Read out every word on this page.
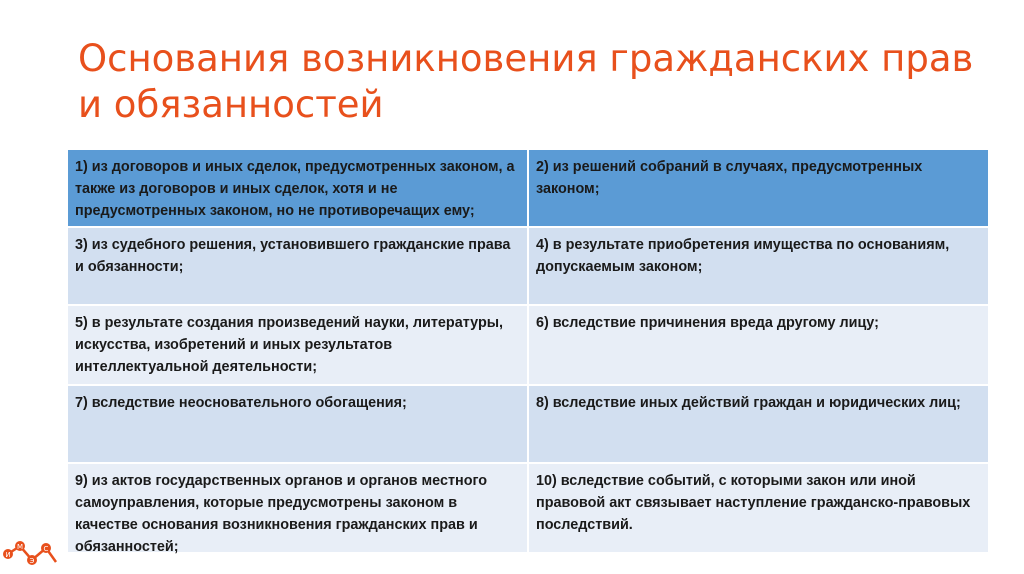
Основания возникновения гражданских прав и обязанностей
1) из договоров и иных сделок, предусмотренных законом, а также из договоров и иных сделок, хотя и не предусмотренных законом, но не противоречащих ему;
2) из решений собраний в случаях, предусмотренных законом;
3) из судебного решения, установившего гражданские права и обязанности;
4) в результате приобретения имущества по основаниям, допускаемым законом;
5) в результате создания произведений науки, литературы, искусства, изобретений и иных результатов интеллектуальной деятельности;
6) вследствие причинения вреда другому лицу;
7) вследствие неосновательного обогащения;	8) вследствие иных действий граждан и юридических лиц;
9) из актов государственных органов и органов местного самоуправления, которые предусмотрены законом в качестве основания возникновения гражданских прав и обязанностей;
10) вследствие событий, с которыми закон или иной правовой акт связывает наступление гражданско-правовых последствий.
И
М
Э
С
